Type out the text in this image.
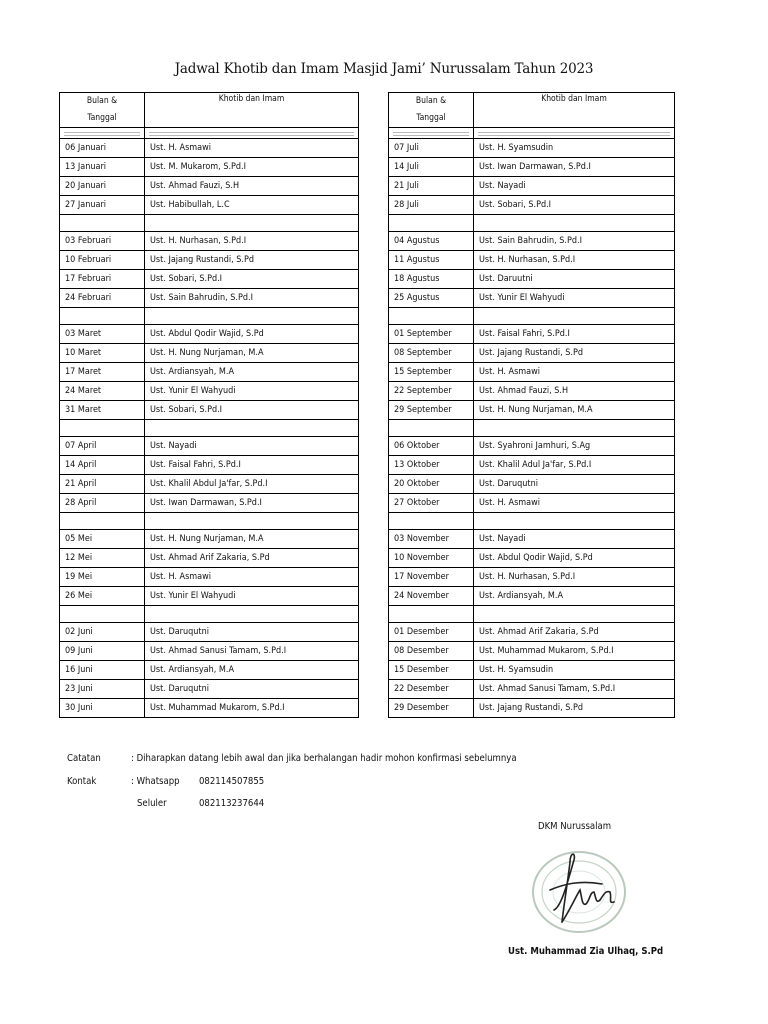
Jadwal Khotib dan Imam Masjid Jami’ Nurussalam Tahun 2023
Bulan &
Tanggal	Khotib dan Imam

06 Januari	Ust. H. Asmawi
13 Januari	Ust. M. Mukarom, S.Pd.I
20 Januari	Ust. Ahmad Fauzi, S.H
27 Januari	Ust. Habibullah, L.C

03 Februari	Ust. H. Nurhasan, S.Pd.I
10 Februari	Ust. Jajang Rustandi, S.Pd
17 Februari	Ust. Sobari, S.Pd.I
24 Februari	Ust. Sain Bahrudin, S.Pd.I

03 Maret	Ust. Abdul Qodir Wajid, S.Pd
10 Maret	Ust. H. Nung Nurjaman, M.A
17 Maret	Ust. Ardiansyah, M.A
24 Maret	Ust. Yunir El Wahyudi
31 Maret	Ust. Sobari, S.Pd.I

07 April	Ust. Nayadi
14 April	Ust. Faisal Fahri, S.Pd.I
21 April	Ust. Khalil Abdul Ja'far, S.Pd.I
28 April	Ust. Iwan Darmawan, S.Pd.I

05 Mei	Ust. H. Nung Nurjaman, M.A
12 Mei	Ust. Ahmad Arif Zakaria, S.Pd
19 Mei	Ust. H. Asmawi
26 Mei	Ust. Yunir El Wahyudi

02 Juni	Ust. Daruqutni
09 Juni	Ust. Ahmad Sanusi Tamam, S.Pd.I
16 Juni	Ust. Ardiansyah, M.A
23 Juni	Ust. Daruqutni
30 Juni	Ust. Muhammad Mukarom, S.Pd.I
Bulan &
Tanggal	Khotib dan Imam

07 Juli	Ust. H. Syamsudin
14 Juli	Ust. Iwan Darmawan, S.Pd.I
21 Juli	Ust. Nayadi
28 Juli	Ust. Sobari, S.Pd.I

04 Agustus	Ust. Sain Bahrudin, S.Pd.I
11 Agustus	Ust. H. Nurhasan, S.Pd.I
18 Agustus	Ust. Daruutni
25 Agustus	Ust. Yunir El Wahyudi

01 September	Ust. Faisal Fahri, S.Pd.I
08 September	Ust. Jajang Rustandi, S.Pd
15 September	Ust. H. Asmawi
22 September	Ust. Ahmad Fauzi, S.H
29 September	Ust. H. Nung Nurjaman, M.A

06 Oktober	Ust. Syahroni Jamhuri, S.Ag
13 Oktober	Ust. Khalil Adul Ja'far, S.Pd.I
20 Oktober	Ust. Daruqutni
27 Oktober	Ust. H. Asmawi

03 November	Ust. Nayadi
10 November	Ust. Abdul Qodir Wajid, S.Pd
17 November	Ust. H. Nurhasan, S.Pd.I
24 November	Ust. Ardiansyah, M.A

01 Desember	Ust. Ahmad Arif Zakaria, S.Pd
08 Desember	Ust. Muhammad Mukarom, S.Pd.I
15 Desember	Ust. H. Syamsudin
22 Desember	Ust. Ahmad Sanusi Tamam, S.Pd.I
29 Desember	Ust. Jajang Rustandi, S.Pd
Catatan	: Diharapkan datang lebih awal dan jika berhalangan hadir mohon konfirmasi sebelumnya
Kontak	: Whatsapp 082114507855
Seluler	082113237644
DKM Nurussalam
Ust. Muhammad Zia Ulhaq, S.Pd
